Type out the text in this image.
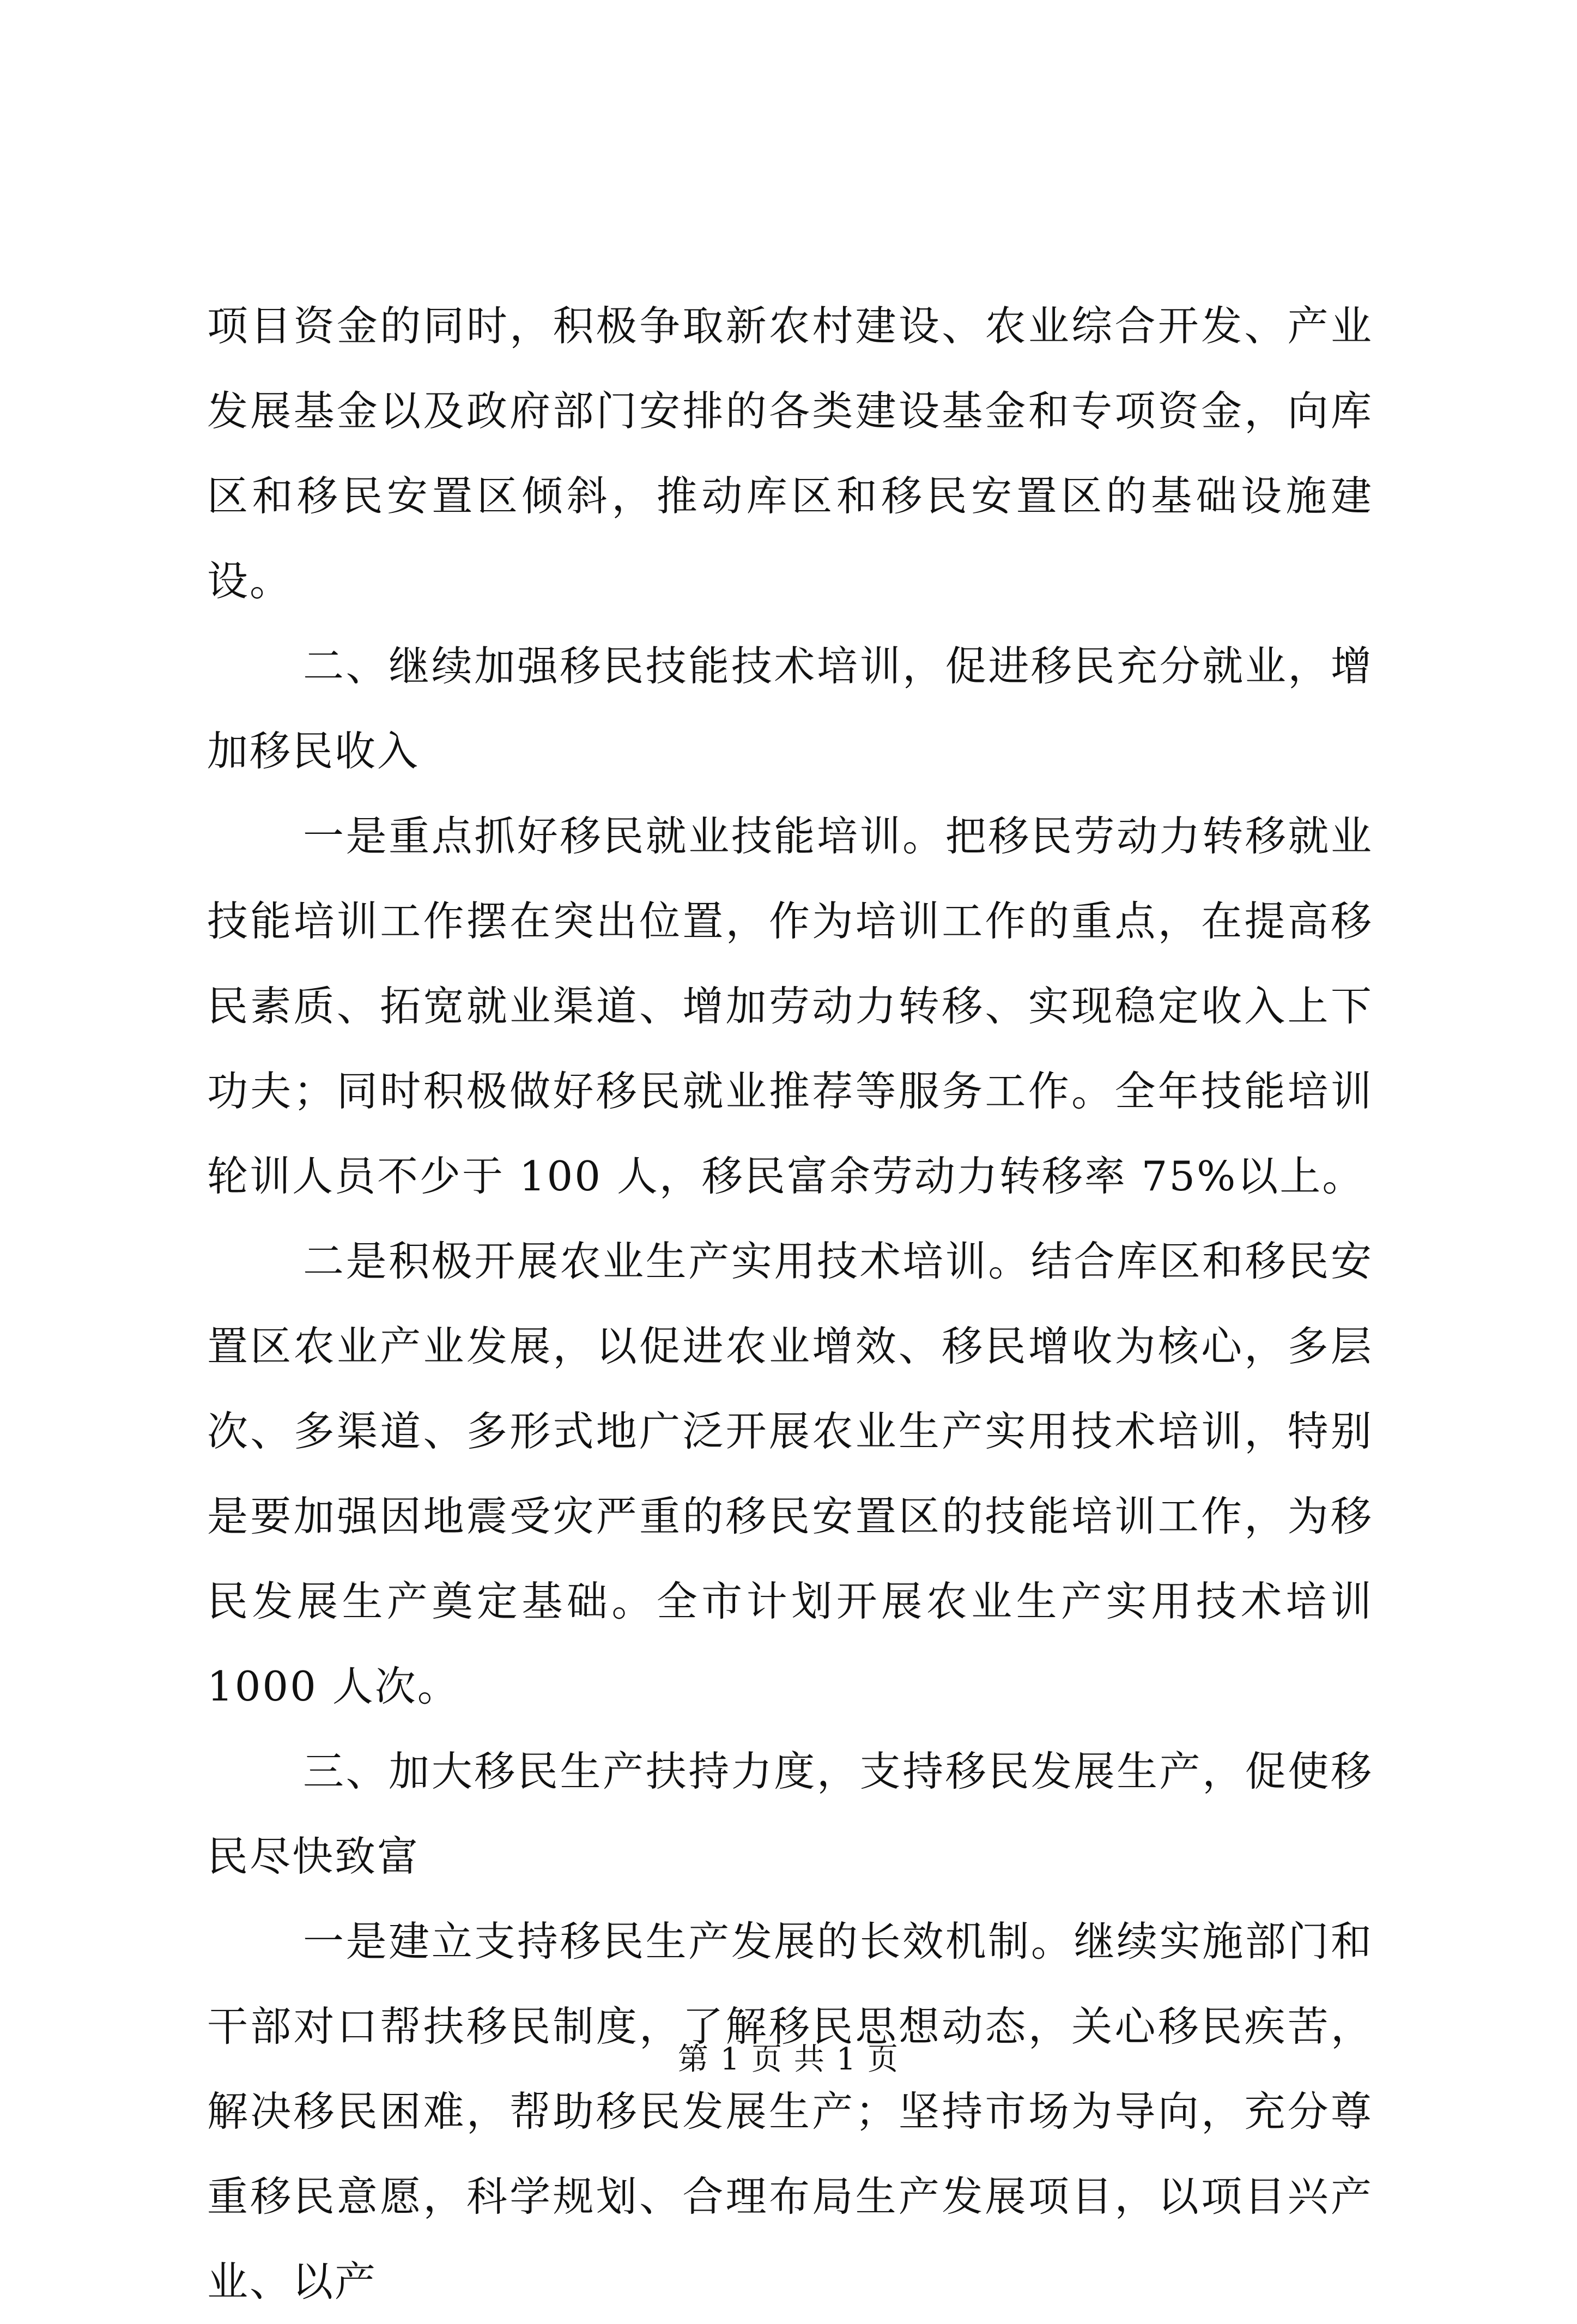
项目资金的同时，积极争取新农村建设、农业综合开发、产业发展基金以及政府部门安排的各类建设基金和专项资金，向库区和移民安置区倾斜，推动库区和移民安置区的基础设施建设。

二、继续加强移民技能技术培训，促进移民充分就业，增加移民收入

一是重点抓好移民就业技能培训。把移民劳动力转移就业技能培训工作摆在突出位置，作为培训工作的重点，在提高移民素质、拓宽就业渠道、增加劳动力转移、实现稳定收入上下功夫；同时积极做好移民就业推荐等服务工作。全年技能培训轮训人员不少于 100 人，移民富余劳动力转移率 75%以上。

二是积极开展农业生产实用技术培训。结合库区和移民安置区农业产业发展，以促进农业增效、移民增收为核心，多层次、多渠道、多形式地广泛开展农业生产实用技术培训，特别是要加强因地震受灾严重的移民安置区的技能培训工作，为移民发展生产奠定基础。全市计划开展农业生产实用技术培训 1000 人次。

三、加大移民生产扶持力度，支持移民发展生产，促使移民尽快致富

一是建立支持移民生产发展的长效机制。继续实施部门和干部对口帮扶移民制度，了解移民思想动态，关心移民疾苦，解决移民困难，帮助移民发展生产；坚持市场为导向，充分尊重移民意愿，科学规划、合理布局生产发展项目，以项目兴产业、以产

第 1 页 共 1 页
